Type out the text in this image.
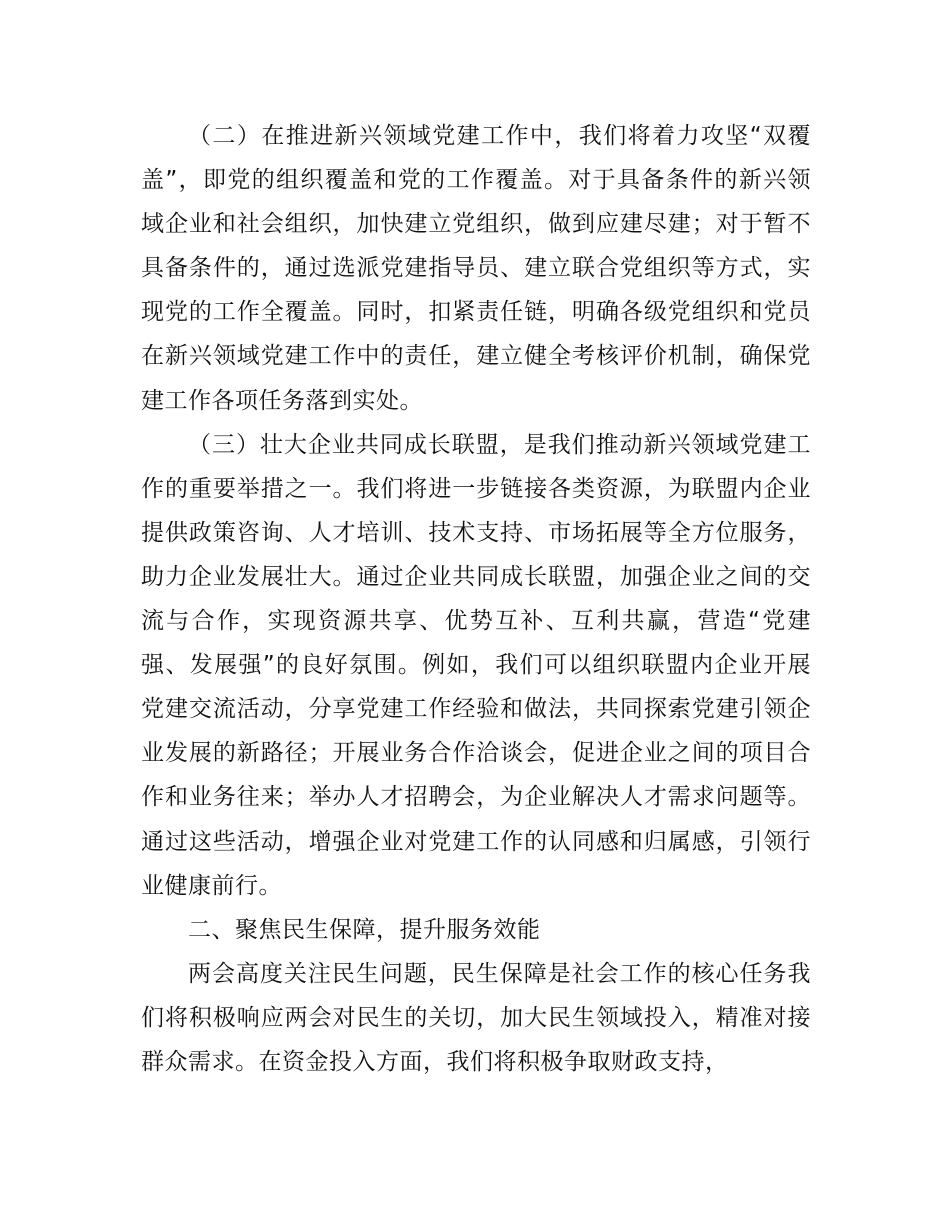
（二）在推进新兴领域党建工作中，我们将着力攻坚“双覆盖”，即党的组织覆盖和党的工作覆盖。对于具备条件的新兴领域企业和社会组织，加快建立党组织，做到应建尽建；对于暂不具备条件的，通过选派党建指导员、建立联合党组织等方式，实现党的工作全覆盖。同时，扣紧责任链，明确各级党组织和党员在新兴领域党建工作中的责任，建立健全考核评价机制，确保党建工作各项任务落到实处。

（三）壮大企业共同成长联盟，是我们推动新兴领域党建工作的重要举措之一。我们将进一步链接各类资源，为联盟内企业提供政策咨询、人才培训、技术支持、市场拓展等全方位服务，助力企业发展壮大。通过企业共同成长联盟，加强企业之间的交流与合作，实现资源共享、优势互补、互利共赢，营造“党建强、发展强”的良好氛围。例如，我们可以组织联盟内企业开展党建交流活动，分享党建工作经验和做法，共同探索党建引领企业发展的新路径；开展业务合作洽谈会，促进企业之间的项目合作和业务往来；举办人才招聘会，为企业解决人才需求问题等。通过这些活动，增强企业对党建工作的认同感和归属感，引领行业健康前行。

二、聚焦民生保障，提升服务效能

两会高度关注民生问题，民生保障是社会工作的核心任务我们将积极响应两会对民生的关切，加大民生领域投入，精准对接群众需求。在资金投入方面，我们将积极争取财政支持，
